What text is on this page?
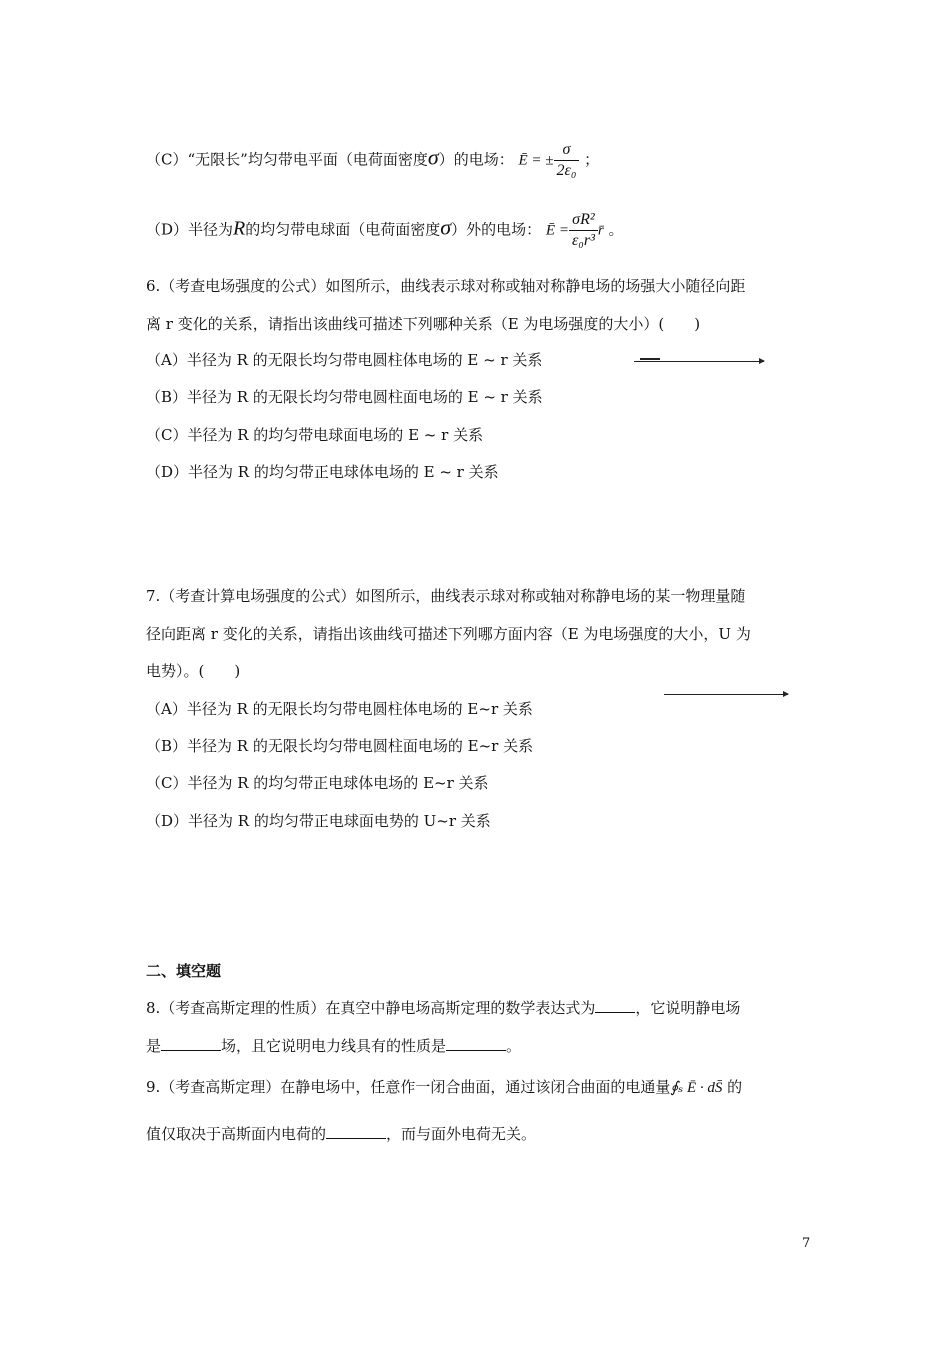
（C）“无限长”均匀带电平面（电荷面密度σ）的电场： Ē = ± $\frac{\sigma}{\text{2ε₀}}$ ；
（D）半径为R的均匀带电球面（电荷面密度σ）外的电场： Ē = $\frac{\text{σR²}}{\text{ε₀r³}}$ r̄ 。
6.（考查电场强度的公式）如图所示，曲线表示球对称或轴对称静电场的场强大小随径向距
离 r 变化的关系，请指出该曲线可描述下列哪种关系（E 为电场强度的大小）(　　)
（A）半径为 R 的无限长均匀带电圆柱体电场的 E ~ r 关系
（B）半径为 R 的无限长均匀带电圆柱面电场的 E ~ r 关系
（C）半径为 R 的均匀带电球面电场的 E ~ r 关系
（D）半径为 R 的均匀带正电球体电场的 E ~ r 关系
7.（考查计算电场强度的公式）如图所示，曲线表示球对称或轴对称静电场的某一物理量随
径向距离 r 变化的关系，请指出该曲线可描述下列哪方面内容（E 为电场强度的大小，U 为
电势）。(　　)
（A）半径为 R 的无限长均匀带电圆柱体电场的 E~r 关系
（B）半径为 R 的无限长均匀带电圆柱面电场的 E~r 关系
（C）半径为 R 的均匀带正电球体电场的 E~r 关系
（D）半径为 R 的均匀带正电球面电势的 U~r 关系
二、填空题
8.（考查高斯定理的性质）在真空中静电场高斯定理的数学表达式为	，它说明静电场
是	场，且它说明电力线具有的性质是	。
9.（考查高斯定理）在静电场中，任意作一闭合曲面，通过该闭合曲面的电通量∮ₛ Ē · dS̄ 的
值仅取决于高斯面内电荷的	，而与面外电荷无关。
7
